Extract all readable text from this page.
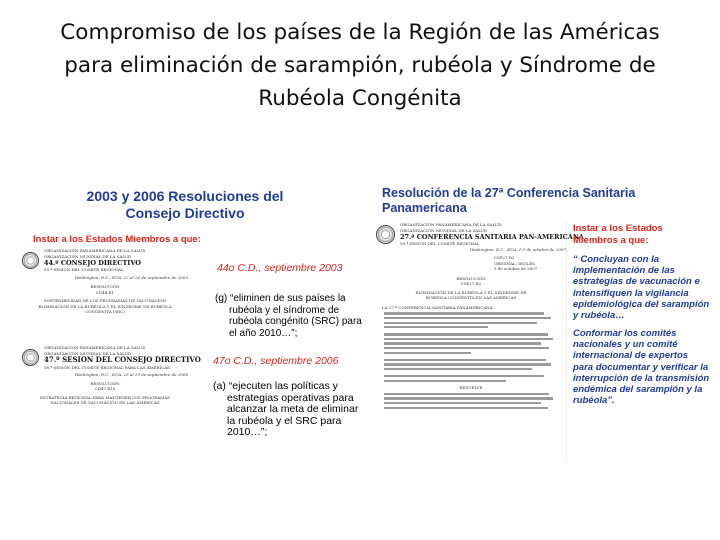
Compromiso de los países de la Región de las Américas
para eliminación de sarampión, rubéola y Síndrome de
Rubéola Congénita
2003 y 2006 Resoluciones del
Consejo Directivo
Instar a los Estados Miembros a que:
ORGANIZACIÓN PANAMERICANA DE LA SALUD
ORGANIZACIÓN MUNDIAL DE LA SALUD
44.º CONSEJO DIRECTIVO
55.ª SESIÓN DEL COMITÉ REGIONAL
Washington, D.C., EUA, 22 al 26 de septiembre de 2003
RESOLUCIÓN
CD44.R1
SOSTENIBILIDAD DE LOS PROGRAMAS DE VACUNACIÓN
ELIMINACIÓN DE LA RUBÉOLA Y EL SÍNDROME DE RUBÉOLA
CONGÉNITA (SRC)
ORGANIZACIÓN PANAMERICANA DE LA SALUD
ORGANIZACIÓN MUNDIAL DE LA SALUD
47.º SESIÓN DEL CONSEJO DIRECTIVO
58.ª SESIÓN DEL COMITÉ REGIONAL PARA LAS AMÉRICAS
Washington, D.C., EUA, 25 al 29 de septiembre de 2006
RESOLUCIÓN
CD47.R10
ESTRATEGIA REGIONAL PARA MANTENER LOS PROGRAMAS
NACIONALES DE VACUNACIÓN EN LAS AMÉRICAS
44o C.D., septiembre 2003
(g) “eliminen de sus países la
rubéola y el síndrome de
rubéola congénito (SRC) para
el año 2010…”;
47o C.D., septiembre 2006
(a) “ejecuten las políticas y
estrategias operativas para
alcanzar la meta de eliminar
la rubéola y el SRC para
2010…”;
Resolución de la 27ª Conferencia Sanitaria
Panamericana
ORGANIZACIÓN PANAMERICANA DE LA SALUD
ORGANIZACIÓN MUNDIAL DE LA SALUD
27.ª CONFERENCIA SANITARIA PAN-AMERICANA
59.ª SESIÓN DEL COMITÉ REGIONAL
Washington, D.C., EUA, 1-5 de octubre de 2007
CSP27.R2
ORIGINAL: INGLÉS
5 de octubre de 2007
RESOLUCIÓN
CSP27.R2
ELIMINACIÓN DE LA RUBÉOLA Y EL SÍNDROME DE
RUBÉOLA CONGÉNITA EN LAS AMÉRICAS
LA 27.ª CONFERENCIA SANITARIA PANAMERICANA,
RESUELVE
Instar a los Estados
Miembros a que:
“ Concluyan con la
implementación de las
estrategias de vacunación e
intensifiquen la vigilancia
epidemiológica del sarampión
y rubéola…
Conformar los comités
nacionales y un comité
internacional de expertos
para documentar y verificar la
interrupción de la transmisión
endémica del sarampión y la
rubéola”.
